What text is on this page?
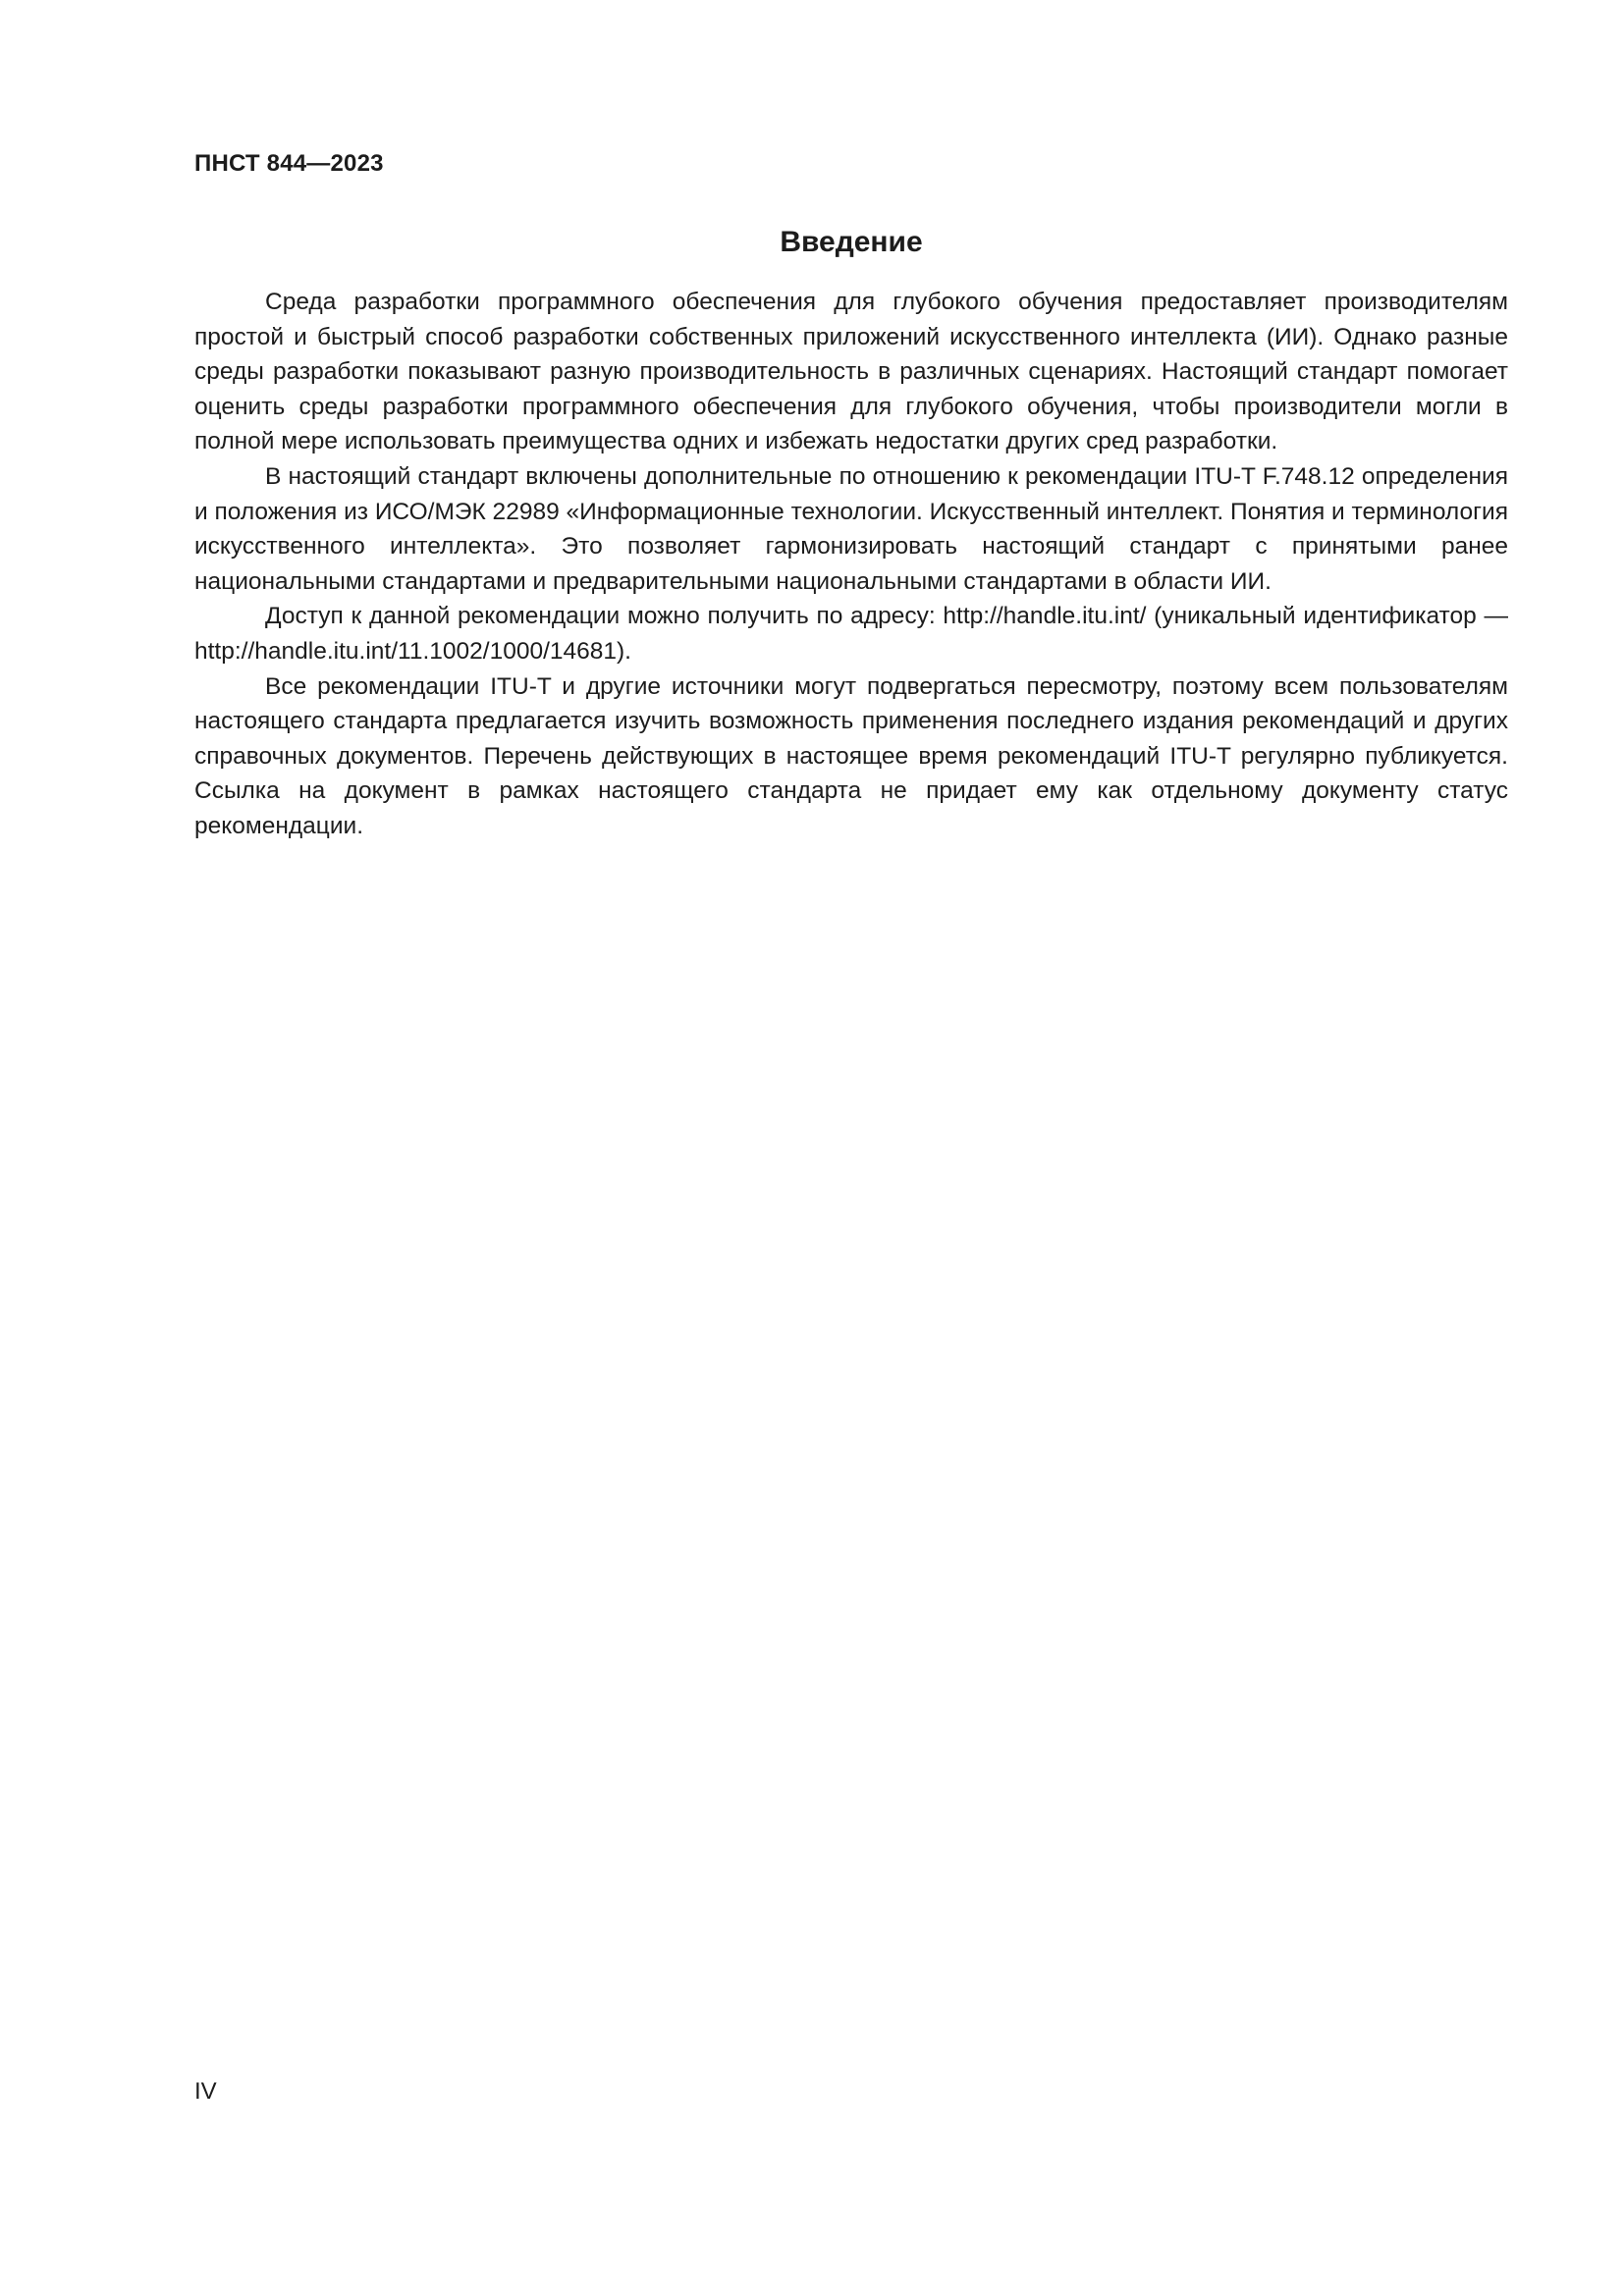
ПНСТ 844—2023
Введение

Среда разработки программного обеспечения для глубокого обучения предоставляет производителям простой и быстрый способ разработки собственных приложений искусственного интеллекта (ИИ). Однако разные среды разработки показывают разную производительность в различных сценариях. Настоящий стандарт помогает оценить среды разработки программного обеспечения для глубокого обучения, чтобы производители могли в полной мере использовать преимущества одних и избежать недостатки других сред разработки.

В настоящий стандарт включены дополнительные по отношению к рекомендации ITU-T F.748.12 определения и положения из ИСО/МЭК 22989 «Информационные технологии. Искусственный интеллект. Понятия и терминология искусственного интеллекта». Это позволяет гармонизировать настоящий стандарт с принятыми ранее национальными стандартами и предварительными национальными стандартами в области ИИ.

Доступ к данной рекомендации можно получить по адресу: http://handle.itu.int/ (уникальный идентификатор — http://handle.itu.int/11.1002/1000/14681).

Все рекомендации ITU-T и другие источники могут подвергаться пересмотру, поэтому всем пользователям настоящего стандарта предлагается изучить возможность применения последнего издания рекомендаций и других справочных документов. Перечень действующих в настоящее время рекомендаций ITU-T регулярно публикуется. Ссылка на документ в рамках настоящего стандарта не придает ему как отдельному документу статус рекомендации.

IV
